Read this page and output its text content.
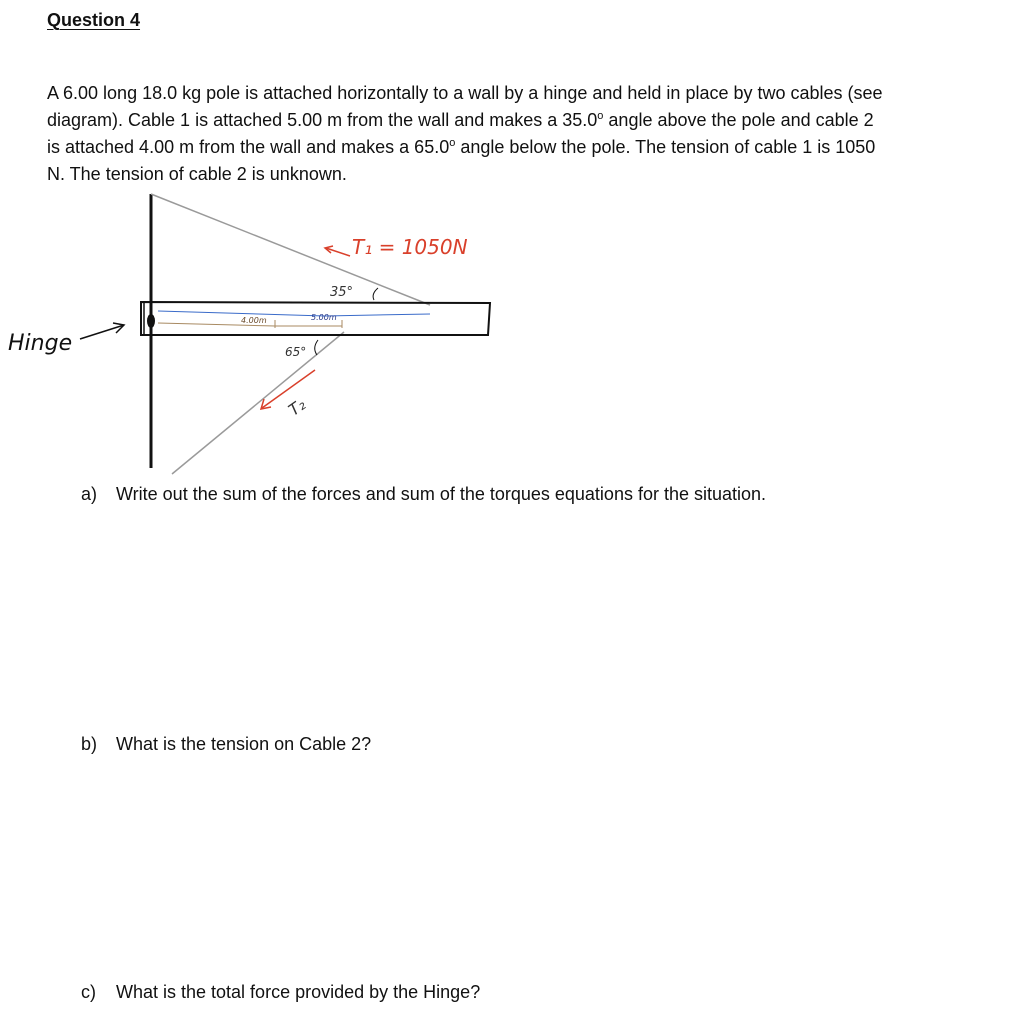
Question 4
A 6.00 long 18.0 kg pole is attached horizontally to a wall by a hinge and held in place by two cables (see
diagram). Cable 1 is attached 5.00 m from the wall and makes a 35.0$^o$ angle above the pole and cable 2
is attached 4.00 m from the wall and makes a 65.0$^o$ angle below the pole. The tension of cable 1 is 1050
N. The tension of cable 2 is unknown.
4.00m	5.00m
T₁ = 1050N
35°
65°
T₂
Hinge
a) Write out the sum of the forces and sum of the torques equations for the situation.
b) What is the tension on Cable 2?
c) What is the total force provided by the Hinge?
